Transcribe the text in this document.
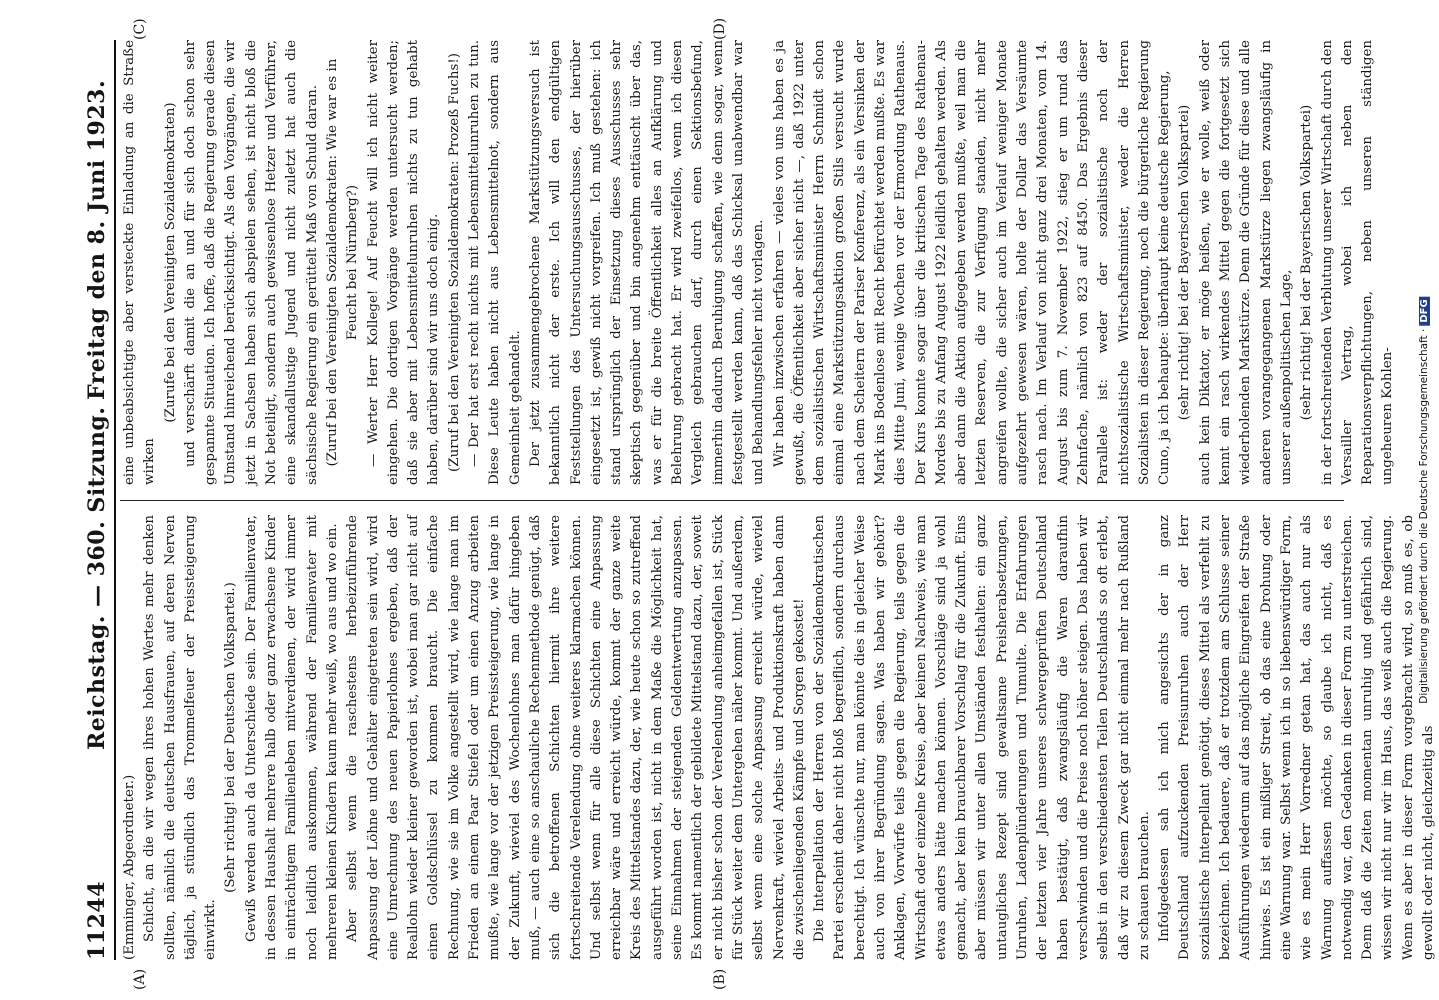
11244
Reichstag. — 360. Sitzung.
Freitag den 8. Juni 1923.
(A)	(B)
(C)	(D)

(Emminger, Abgeordneter.) Schicht, an die wir wegen ihres hohen Wertes mehr denken sollten, nämlich die deutschen Hausfrauen, auf deren Nerven täglich, ja stündlich das Trommelfeuer der Preissteigerung einwirkt.

(Sehr richtig! bei der Deutschen Volkspartei.) Gewiß werden auch da Unterschiede sein. Der Familienvater, in dessen Haushalt mehrere halb oder ganz erwachsene Kinder in einträchtigem Familienleben mitverdienen, der wird immer noch leidlich auskommen, während der Familienvater mit mehreren kleinen Kindern kaum mehr weiß, wo aus und wo ein. Aber selbst wenn die raschestens herbeizuführende Anpassung der Löhne und Gehälter eingetreten sein wird, wird eine Umrechnung des neuen Papierlohnes ergeben, daß der Reallohn wieder kleiner geworden ist, wobei man gar nicht auf einen Goldschlüssel zu kommen braucht. Die einfache Rechnung, wie sie im Volke angestellt wird, wie lange man im Frieden an einem Paar Stiefel oder um einen Anzug arbeiten mußte, wie lange vor der jetzigen Preissteigerung, wie lange in der Zukunft, wieviel des Wochenlohnes man dafür hingeben muß, — auch eine so anschauliche Rechenmethode genügt, daß sich die betroffenen Schichten hiermit ihre weitere fortschreitende Verelendung ohne weiteres klarmachen können. Und selbst wenn für alle diese Schichten eine Anpassung erreichbar wäre und erreicht würde, kommt der ganze weite Kreis des Mittelstandes dazu, der, wie heute schon so zutreffend ausgeführt worden ist, nicht in dem Maße die Möglichkeit hat, seine Einnahmen der steigenden Geldentwertung anzupassen. Es kommt namentlich der gebildete Mittelstand dazu, der, soweit er nicht bisher schon der Verelendung anheimgefallen ist, Stück für Stück weiter dem Untergehen näher kommt. Und außerdem, selbst wenn eine solche Anpassung erreicht würde, wieviel Nervenkraft, wieviel Arbeits- und Produktionskraft haben dann die zwischenliegenden Kämpfe und Sorgen gekostet! Die Interpellation der Herren von der Sozialdemokratischen Partei erscheint daher nicht bloß begreiflich, sondern durchaus berechtigt. Ich wünschte nur, man könnte dies in gleicher Weise auch von ihrer Begründung sagen. Was haben wir gehört? Anklagen, Vorwürfe teils gegen die Regierung, teils gegen die Wirtschaft oder einzelne Kreise, aber keinen Nachweis, wie man etwas anders hätte machen können. Vorschläge sind ja wohl gemacht, aber kein brauchbarer Vorschlag für die Zukunft. Eins aber müssen wir unter allen Umständen festhalten: ein ganz untaugliches Rezept sind gewaltsame Preisherabsetzungen, Unruhen, Ladenplünderungen und Tumulte. Die Erfahrungen der letzten vier Jahre unseres schwergeprüften Deutschland haben bestätigt, daß zwangsläufig die Waren daraufhin verschwinden und die Preise noch höher steigen. Das haben wir selbst in den verschiedensten Teilen Deutschlands so oft erlebt, daß wir zu diesem Zweck gar nicht einmal mehr nach Rußland zu schauen brauchen. Infolgedessen sah ich mich angesichts der in ganz Deutschland aufzuckenden Preisunruhen auch der Herr sozialistische Interpellant genötigt, dieses Mittel als verfehlt zu bezeichnen. Ich bedauere, daß er trotzdem am Schlusse seiner Ausführungen wiederum auf das mögliche Eingreifen der Straße hinwies. Es ist ein mißliger Streit, ob das eine Drohung oder eine Warnung war. Selbst wenn ich in so liebenswürdiger Form, wie es mein Herr Vorredner getan hat, das auch nur als Warnung auffassen möchte, so glaube ich nicht, daß es notwendig war, den Gedanken in dieser Form zu unterstreichen. Denn daß die Zeiten momentan unruhig und gefährlich sind, wissen wir nicht nur wir im Haus, das weiß auch die Regierung. Wenn es aber in dieser Form vorgebracht wird, so muß es, ob gewollt oder nicht, gleichzeitig als

eine unbeabsichtigte aber versteckte Einladung an die Straße wirken

(Zurufe bei den Vereinigten Sozialdemokraten) und verschärft damit die an und für sich doch schon sehr gespannte Situation. Ich hoffe, daß die Regierung gerade diesen Umstand hinreichend berücksichtigt. Als den Vorgängen, die wir jetzt in Sachsen haben sich abspielen sehen, ist nicht bloß die Not beteiligt, sondern auch gewissenlose Hetzer und Verführer, eine skandallustige Jugend und nicht zuletzt hat auch die sächsische Regierung ein gerüttelt Maß von Schuld daran. (Zuruf bei den Vereinigten Sozialdemokraten: Wie war es in Feucht bei Nürnberg?) — Werter Herr Kollege! Auf Feucht will ich nicht weiter eingehen. Die dortigen Vorgänge werden untersucht werden; daß sie aber mit Lebensmittelunruhen nichts zu tun gehabt haben, darüber sind wir uns doch einig. (Zuruf bei den Vereinigten Sozialdemokraten: Prozeß Fuchs!) — Der hat erst recht nichts mit Lebensmittelunruhen zu tun. Diese Leute haben nicht aus Lebensmittelnot, sondern aus Gemeinheit gehandelt. Der jetzt zusammengebrochene Markstützungsversuch ist bekanntlich nicht der erste. Ich will den endgültigen Feststellungen des Untersuchungsausschusses, der hierüber eingesetzt ist, gewiß nicht vorgreifen. Ich muß gestehen: ich stand ursprünglich der Einsetzung dieses Ausschusses sehr skeptisch gegenüber und bin angenehm enttäuscht über das, was er für die breite Öffentlichkeit alles an Aufklärung und Belehrung gebracht hat. Er wird zweifellos, wenn ich diesen Vergleich gebrauchen darf, durch einen Sektionsbefund, immerhin dadurch Beruhigung schaffen, wie denn sogar, wenn festgestellt werden kann, daß das Schicksal unabwendbar war und Behandlungsfehler nicht vorlagen. Wir haben inzwischen erfahren — vieles von uns haben es ja gewußt, die Öffentlichkeit aber sicher nicht —, daß 1922 unter dem sozialistischen Wirtschaftsminister Herrn Schmidt schon einmal eine Markstützungsaktion großen Stils versucht wurde nach dem Scheitern der Pariser Konferenz, als ein Versinken der Mark ins Bodenlose mit Recht befürchtet werden mußte. Es war dies Mitte Juni, wenige Wochen vor der Ermordung Rathenaus. Der Kurs konnte sogar über die kritischen Tage des Rathenau-Mordes bis zu Anfang August 1922 leidlich gehalten werden. Als aber dann die Aktion aufgegeben werden mußte, weil man die letzten Reserven, die zur Verfügung standen, nicht mehr angreifen wollte, die sicher auch im Verlauf weniger Monate aufgezehrt gewesen wären, holte der Dollar das Versäumte rasch nach. Im Verlauf von nicht ganz drei Monaten, vom 14. August bis zum 7. November 1922, stieg er um rund das Zehnfache, nämlich von 823 auf 8450. Das Ergebnis dieser Parallele ist: weder der sozialistische noch der nichtsozialistische Wirtschaftsminister, weder die Herren Sozialisten in dieser Regierung, noch die bürgerliche Regierung Cuno, ja ich behaupte: überhaupt keine deutsche Regierung, (sehr richtig! bei der Bayerischen Volkspartei) auch kein Diktator, er möge heißen, wie er wolle, weiß oder kennt ein rasch wirkendes Mittel gegen die fortgesetzt sich wiederholenden Markstürze. Denn die Gründe für diese und alle anderen vorangegangenen Markstürze liegen zwangsläufig in unserer außenpolitischen Lage, (sehr richtig! bei der Bayerischen Volkspartei) in der fortschreitenden Verblutung unserer Wirtschaft durch den Versailler Vertrag, wobei ich neben den Reparationsverpflichtungen, neben unseren ständigen ungeheuren Kohlen-	Digitalisierung gefördert durch die Deutsche Forschungsgemeinschaft ·DFG
